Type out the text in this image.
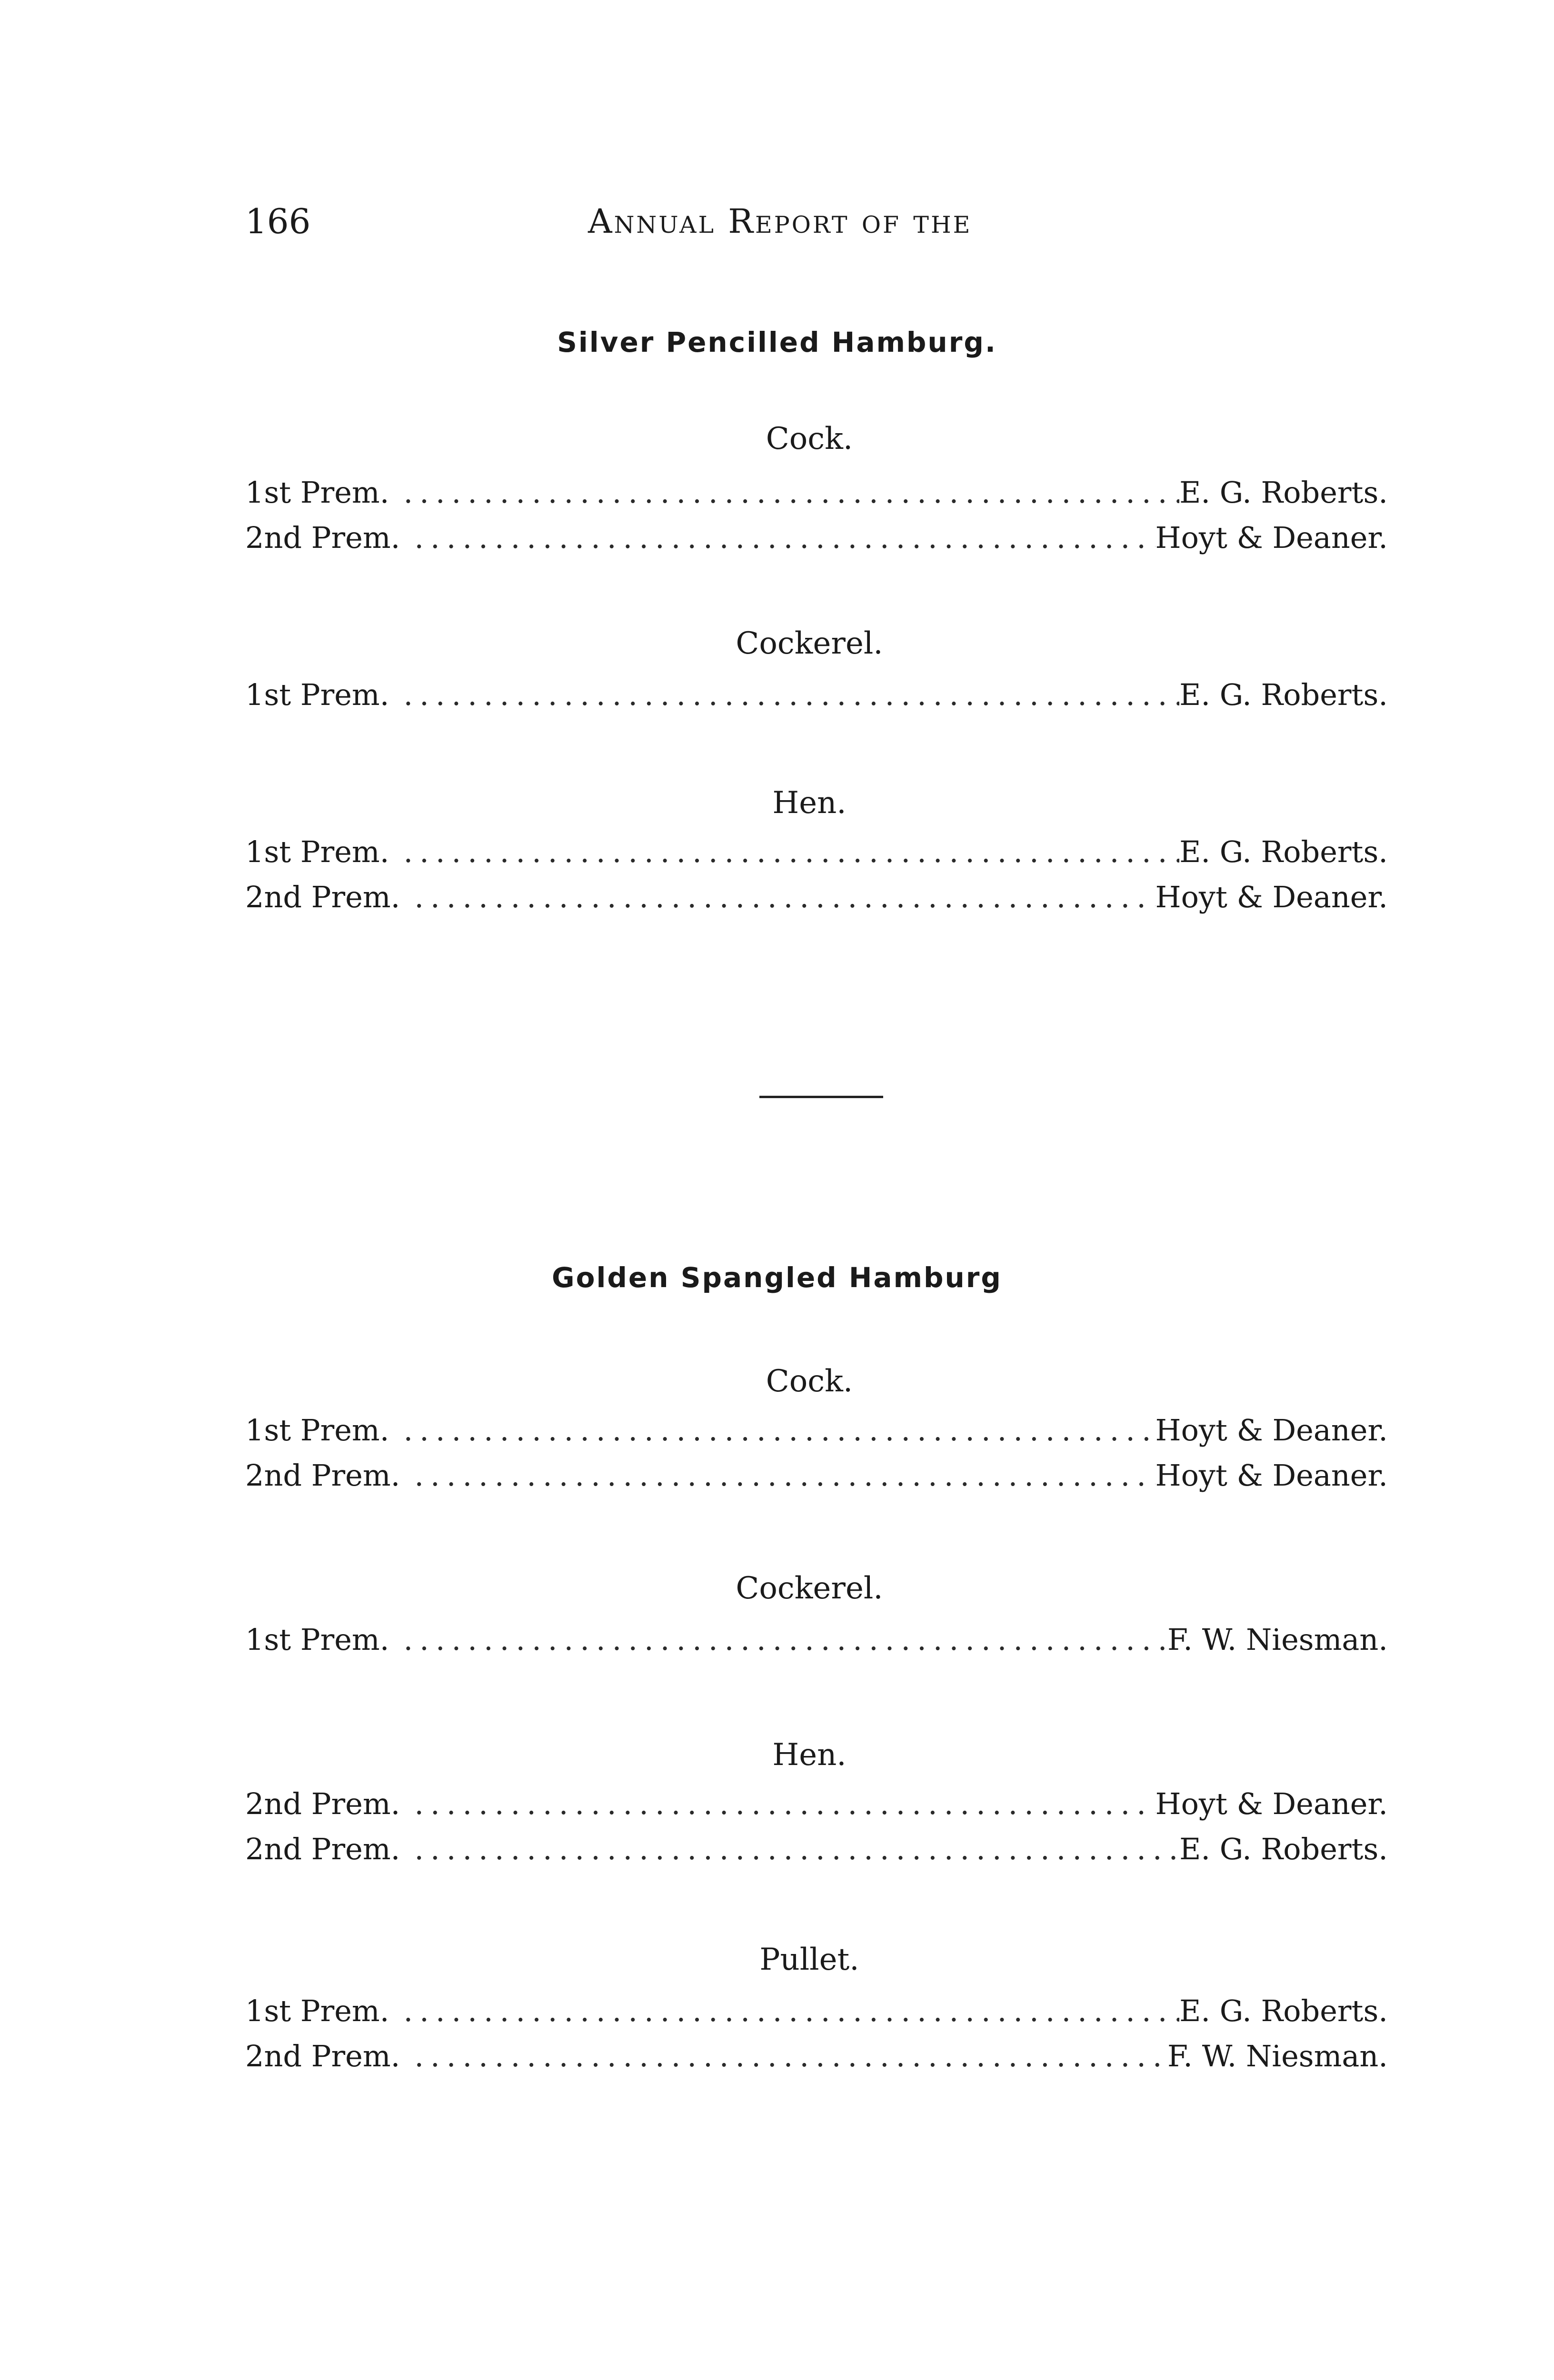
166	Annual Report of the
Silver Pencilled Hamburg.
Cock.
1st Prem. .....	E. G. Roberts.
2nd Prem. .....	Hoyt & Deaner.
Cockerel.
1st Prem. .....	E. G. Roberts.
Hen.
1st Prem. .....	E. G. Roberts.
2nd Prem. .....	Hoyt & Deaner.
Golden Spangled Hamburg
Cock.
1st Prem. .....	Hoyt & Deaner.
2nd Prem. .....	Hoyt & Deaner.
Cockerel.
1st Prem. .....	F. W. Niesman.
Hen.
2nd Prem. .....	Hoyt & Deaner.
2nd Prem. .....	E. G. Roberts.
Pullet.
1st Prem. .....	E. G. Roberts.
2nd Prem. .....	F. W. Niesman.
